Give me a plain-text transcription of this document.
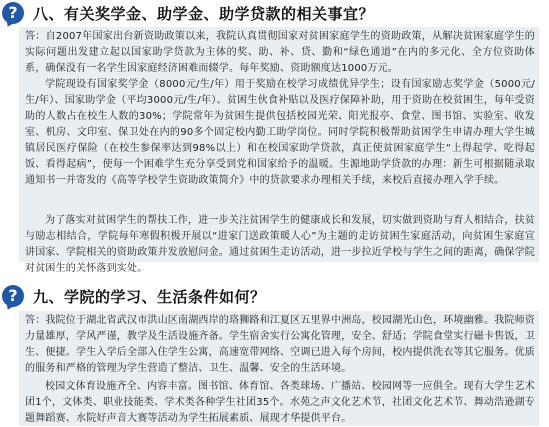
?	八、有关奖学金、助学金、助学贷款的相关事宜？

答：自2007年国家出台新资助政策以来，我院认真贯彻国家对贫困家庭学生的资助政策，从解决贫困家庭学生的实际问题出发建立起以国家助学贷款为主体的奖、助、补、贷、勤和“绿色通道”在内的多元化、全方位资助体系，确保没有一名学生因家庭经济困难而辍学。每年奖励、资助额度达1000万元。

学院现设有国家奖学金（8000元/生/年）用于奖励在校学习成绩优异学生；设有国家励志奖学金（5000元/生/年）、国家助学金（平均3000元/生/年）、贫困生伙食补贴以及医疗保障补助，用于资助在校贫困生，每年受资助的人数占在校生人数的30%；学院常年为贫困生提供包括校园光荣、阳光报亭、食堂、图书馆、实验室、收发室、机房、文印室、保卫处在内的90多个固定校内勤工助学岗位。同时学院积极帮助贫困学生申请办理大学生城镇居民医疗保险（在校生参保率达到98%以上）和在校国家助学贷款，真正使贫困家庭学生“上得起学、吃得起饭、看得起病”，使每一个困难学生充分享受到党和国家给予的温暖。生源地助学贷款的办理：新生可根据随录取通知书一并寄发的《高等学校学生资助政策简介》中的贷款要求办理相关手续，来校后直接办理入学手续。

为了落实对贫困学生的帮扶工作，进一步关注贫困学生的健康成长和发展，切实做到资助与育人相结合，扶贫与励志相结合，学院每年寒假积极开展以“进家门送政策暖人心”为主题的走访贫困生家庭活动，向贫困生家庭宣讲国家、学院相关的资助政策并发放慰问金。通过贫困生走访活动，进一步拉近学校与学生之间的距离，确保学院对贫困生的关怀落到实处。

?	九、学院的学习、生活条件如何？

答：我院位于湖北省武汉市洪山区南湖西岸的珞狮路和江夏区五里界中洲岛，校园湖光山色，环境幽雅。我院师资力量雄厚，学风严谨，教学及生活设施齐备。学生宿舍实行公寓化管理，安全、舒适；学院食堂实行磁卡售饭，卫生、便捷。学生入学后全部入住学生公寓，高速宽带网络、空调已进入每个房间，校内提供洗衣等其它服务。优质的服务和严格的管理为学生营造了整洁、卫生、温馨、安全的生活环境。

校园文体育设施齐全、内容丰富。图书馆、体育馆、各类球场、广播站、校园网等一应俱全。现有大学生艺术团1个，文体类、职业技能类、学术类各种学生社团35个。水苑之声文化艺术节，社团文化艺术节、舞动浩逊湖专题舞蹈赛、水院好声音大赛等活动为学生拓展素质、展现才华提供平台。
